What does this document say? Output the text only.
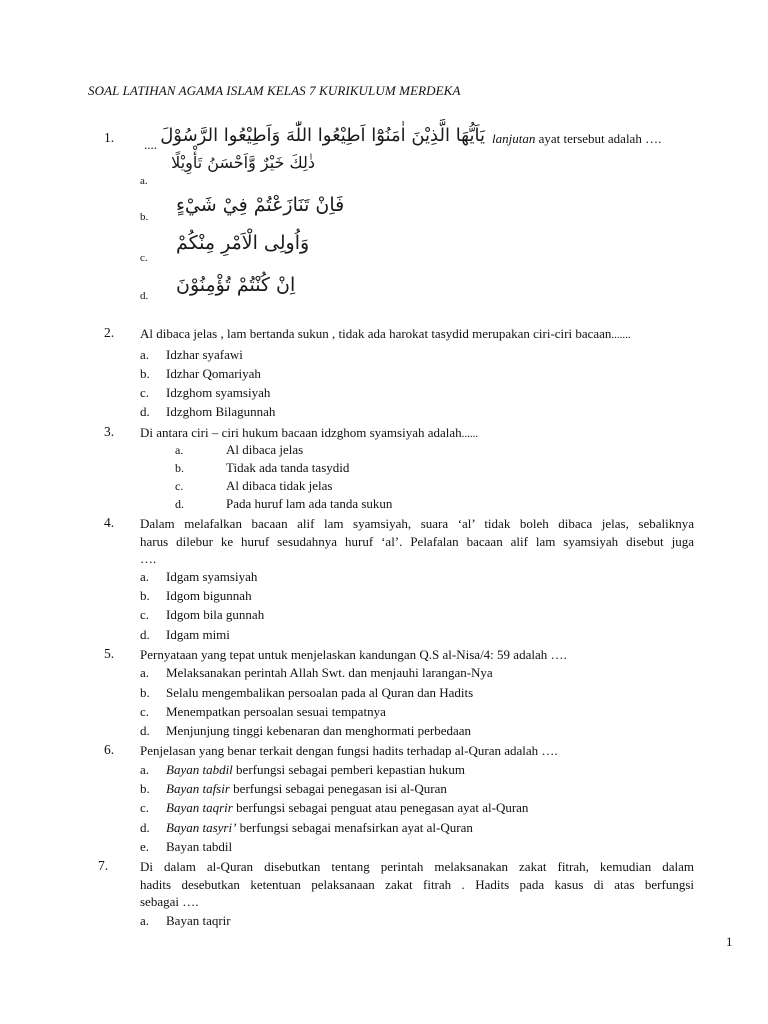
SOAL LATIHAN AGAMA ISLAM KELAS 7 KURIKULUM MERDEKA
1. .... يَاَيُّهَا الَّذِيْنَ اٰمَنُوْٓا اَطِيْعُوا اللّٰهَ وَاَطِيْعُوا الرَّسُوْلَ
ذٰلِكَ خَيْرٌ وَّاَحْسَنُ تَأْوِيْلًا
lanjutan ayat tersebut adalah ….
a.
b.
فَاِنْ تَنَازَعْتُمْ فِيْ شَيْءٍ
c.
وَاُولِى الْاَمْرِ مِنْكُمْ
d. اِنْ كُنْتُمْ تُؤْمِنُوْنَ
2. Al dibaca jelas , lam bertanda sukun , tidak ada harokat tasydid merupakan ciri-ciri bacaan.......
a. Idzhar syafawi
b. Idzhar Qomariyah
c. Idzghom syamsiyah
d. Idzghom Bilagunnah
3. Di antara ciri – ciri hukum bacaan idzghom syamsiyah adalah......
a.	Al dibaca jelas
b.	Tidak ada tanda tasydid
c.	Al dibaca tidak jelas
d.	Pada huruf lam ada tanda sukun
4. Dalam melafalkan bacaan alif lam syamsiyah, suara ‘al’ tidak boleh dibaca jelas, sebaliknya
harus dilebur ke huruf sesudahnya huruf ‘al’. Pelafalan bacaan alif lam syamsiyah disebut juga
….
a. Idgam syamsiyah
b. Idgom bigunnah
c. Idgom bila gunnah
d. Idgam mimi
5. Pernyataan yang tepat untuk menjelaskan kandungan Q.S al-Nisa/4: 59 adalah ….
a. Melaksanakan perintah Allah Swt. dan menjauhi larangan-Nya
b. Selalu mengembalikan persoalan pada al Quran dan Hadits
c. Menempatkan persoalan sesuai tempatnya
d. Menjunjung tinggi kebenaran dan menghormati perbedaan
6. Penjelasan yang benar terkait dengan fungsi hadits terhadap al-Quran adalah ….
a. Bayan tabdil berfungsi sebagai pemberi kepastian hukum
b. Bayan tafsir berfungsi sebagai penegasan isi al-Quran
c. Bayan taqrir berfungsi sebagai penguat atau penegasan ayat al-Quran
d. Bayan tasyri’ berfungsi sebagai menafsirkan ayat al-Quran
e. Bayan tabdil
7. Di dalam al-Quran disebutkan tentang perintah melaksanakan zakat fitrah, kemudian dalam
hadits desebutkan ketentuan pelaksanaan zakat fitrah . Hadits pada kasus di atas berfungsi
sebagai ….
a. Bayan taqrir
1
